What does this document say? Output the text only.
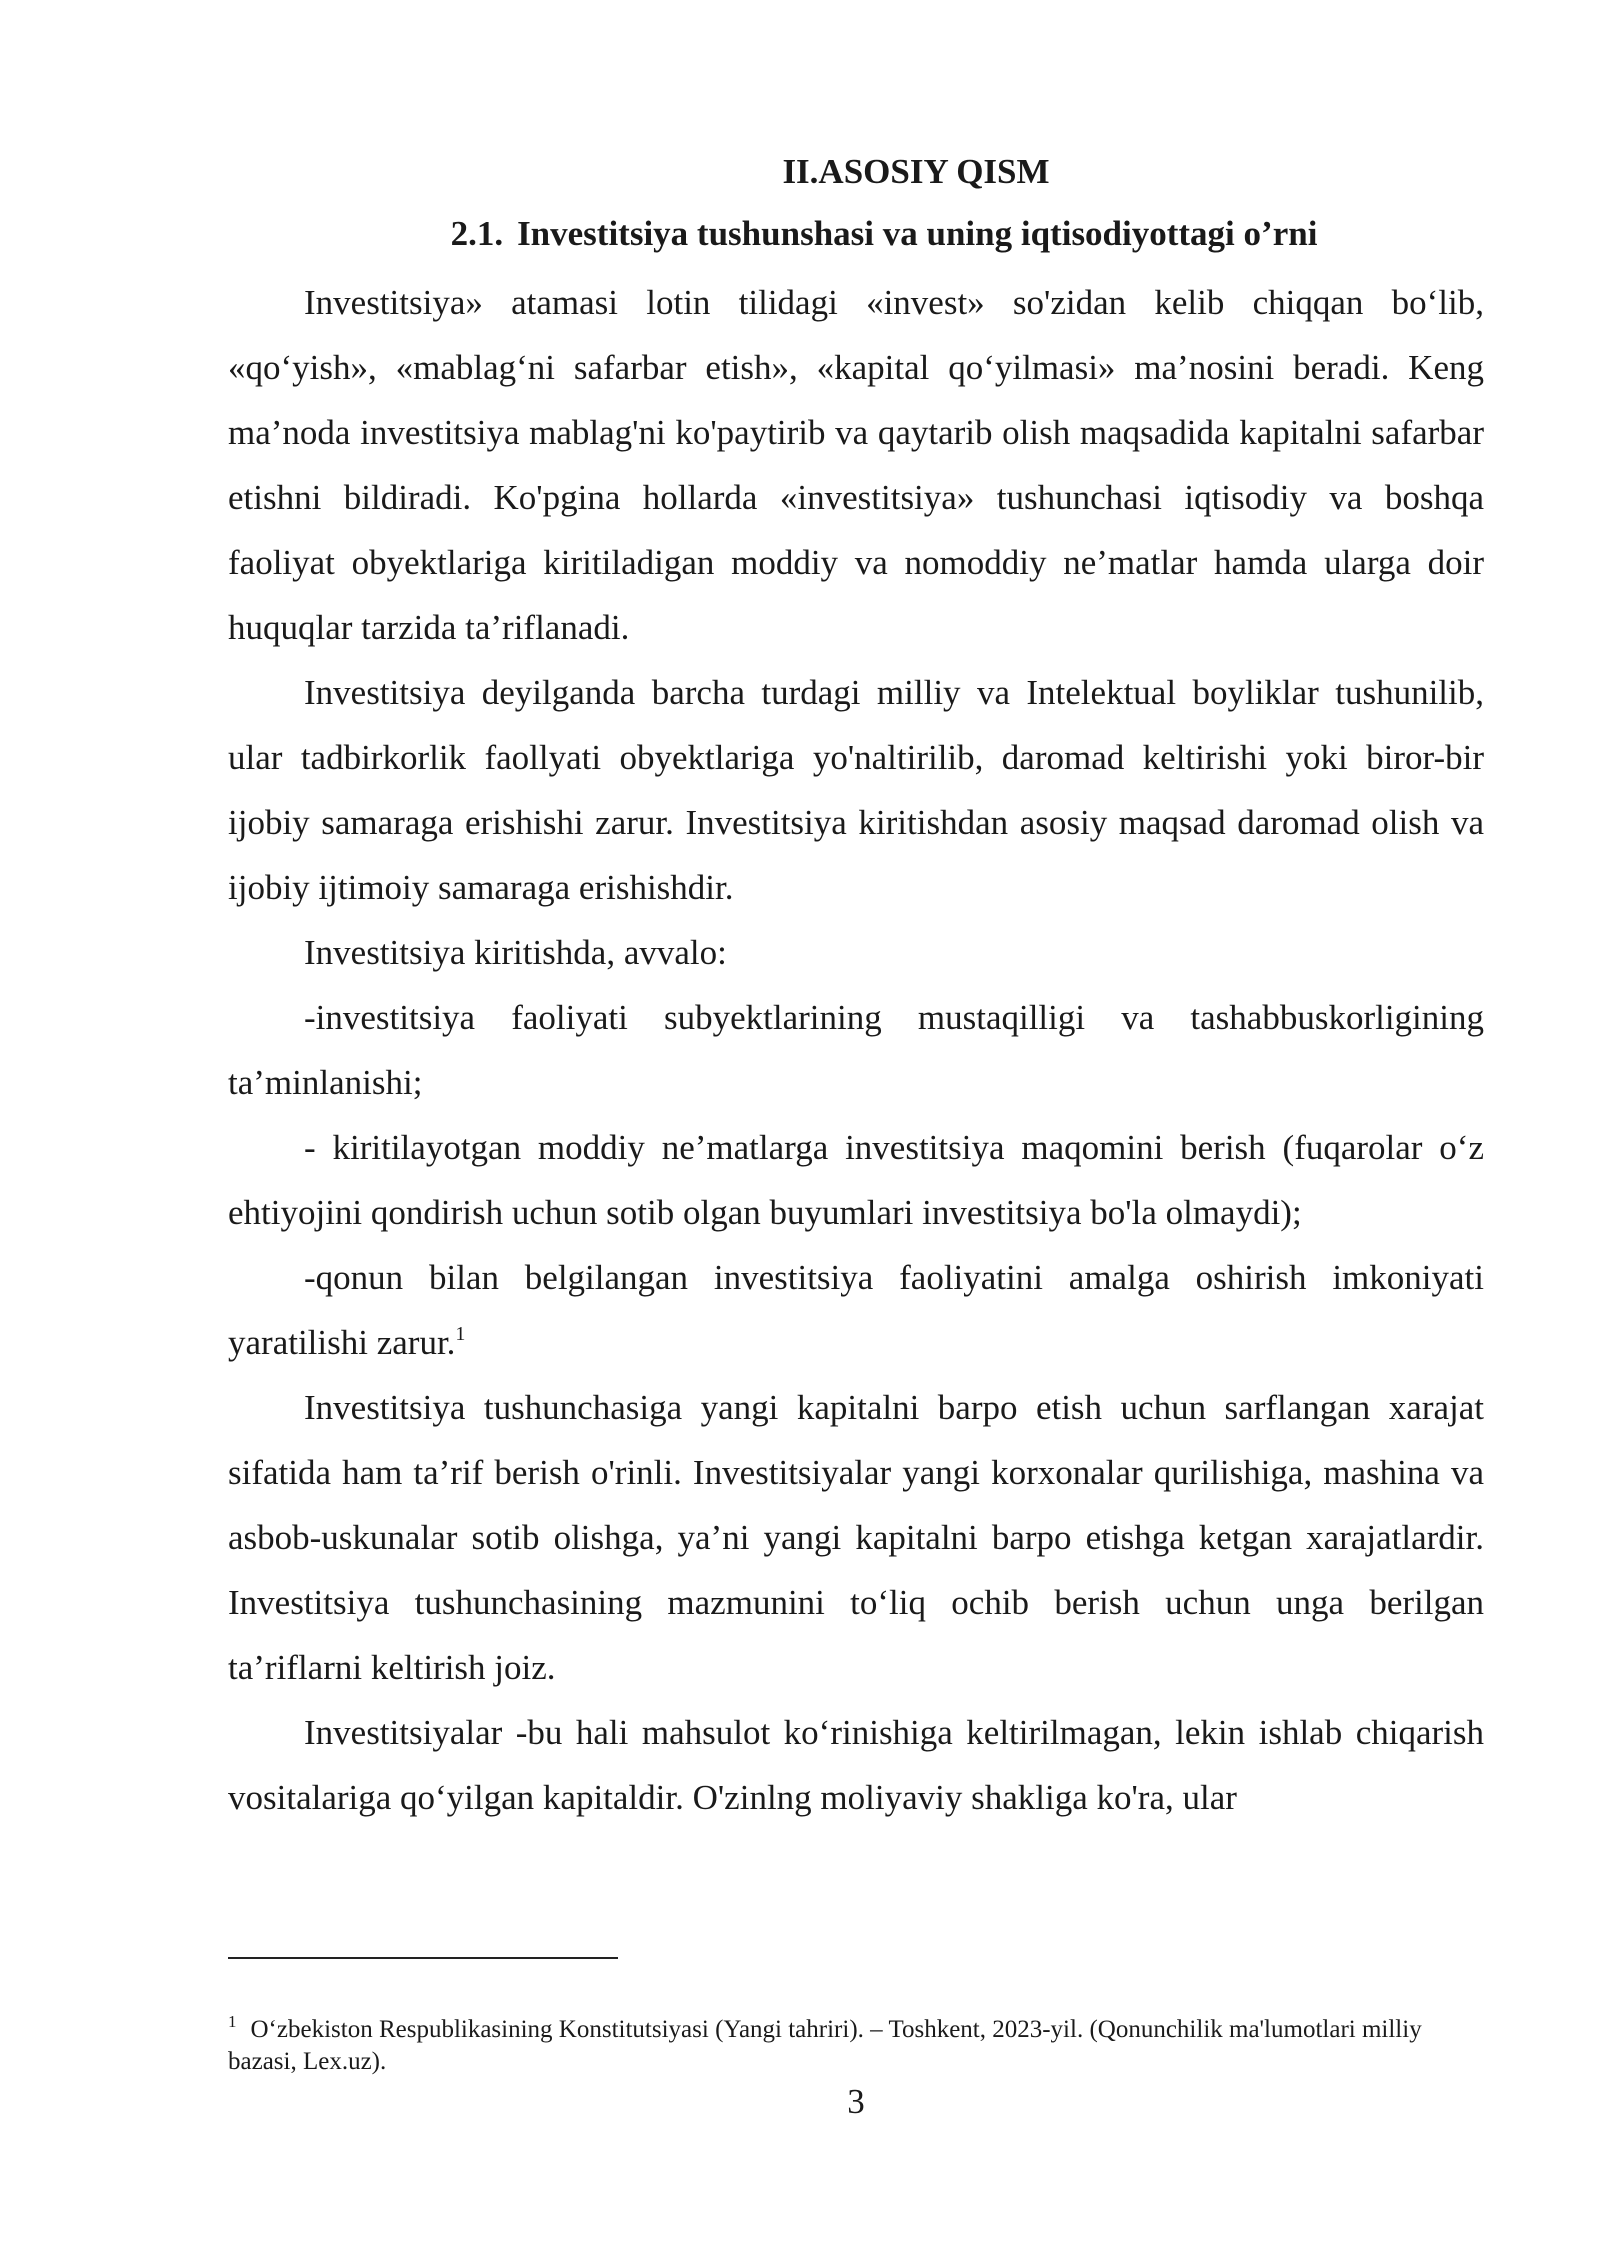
II.ASOSIY QISM
2.1. Investitsiya tushunshasi va uning iqtisodiyottagi o’rni

Investitsiya» atamasi lotin tilidagi «invest» so'zidan kelib chiqqan bo‘lib, «qo‘yish», «mablag‘ni safarbar etish», «kapital qo‘yilmasi» ma’nosini beradi. Keng ma’noda investitsiya mablag'ni ko'paytirib va qaytarib olish maqsadida kapitalni safarbar etishni bildiradi. Ko'pgina hollarda «investitsiya» tushunchasi iqtisodiy va boshqa faoliyat obyektlariga kiritiladigan moddiy va nomoddiy ne’matlar hamda ularga doir huquqlar tarzida ta’riflanadi.

Investitsiya deyilganda barcha turdagi milliy va Intelektual boyliklar tushunilib, ular tadbirkorlik faollyati obyektlariga yo'naltirilib, daromad keltirishi yoki biror-bir ijobiy samaraga erishishi zarur. Investitsiya kiritishdan asosiy maqsad daromad olish va ijobiy ijtimoiy samaraga erishishdir.

Investitsiya kiritishda, avvalo:

-investitsiya faoliyati subyektlarining mustaqilligi va tashabbuskorligining ta’minlanishi;

- kiritilayotgan moddiy ne’matlarga investitsiya maqomini berish (fuqarolar o‘z ehtiyojini qondirish uchun sotib olgan buyumlari investitsiya bo'la olmaydi);

-qonun bilan belgilangan investitsiya faoliyatini amalga oshirish imkoniyati yaratilishi zarur.$^1$

Investitsiya tushunchasiga yangi kapitalni barpo etish uchun sarflangan xarajat sifatida ham ta’rif berish o'rinli. Investitsiyalar yangi korxonalar qurilishiga, mashina va asbob-uskunalar sotib olishga, ya’ni yangi kapitalni barpo etishga ketgan xarajatlardir. Investitsiya tushunchasining mazmunini to‘liq ochib berish uchun unga berilgan ta’riflarni keltirish joiz.

Investitsiyalar -bu hali mahsulot ko‘rinishiga keltirilmagan, lekin ishlab chiqarish vositalariga qo‘yilgan kapitaldir. O'zinlng moliyaviy shakliga ko'ra, ular

$^1$ O‘zbekiston Respublikasining Konstitutsiyasi (Yangi tahriri). – Toshkent, 2023-yil. (Qonunchilik ma'lumotlari milliy bazasi, Lex.uz).
3
